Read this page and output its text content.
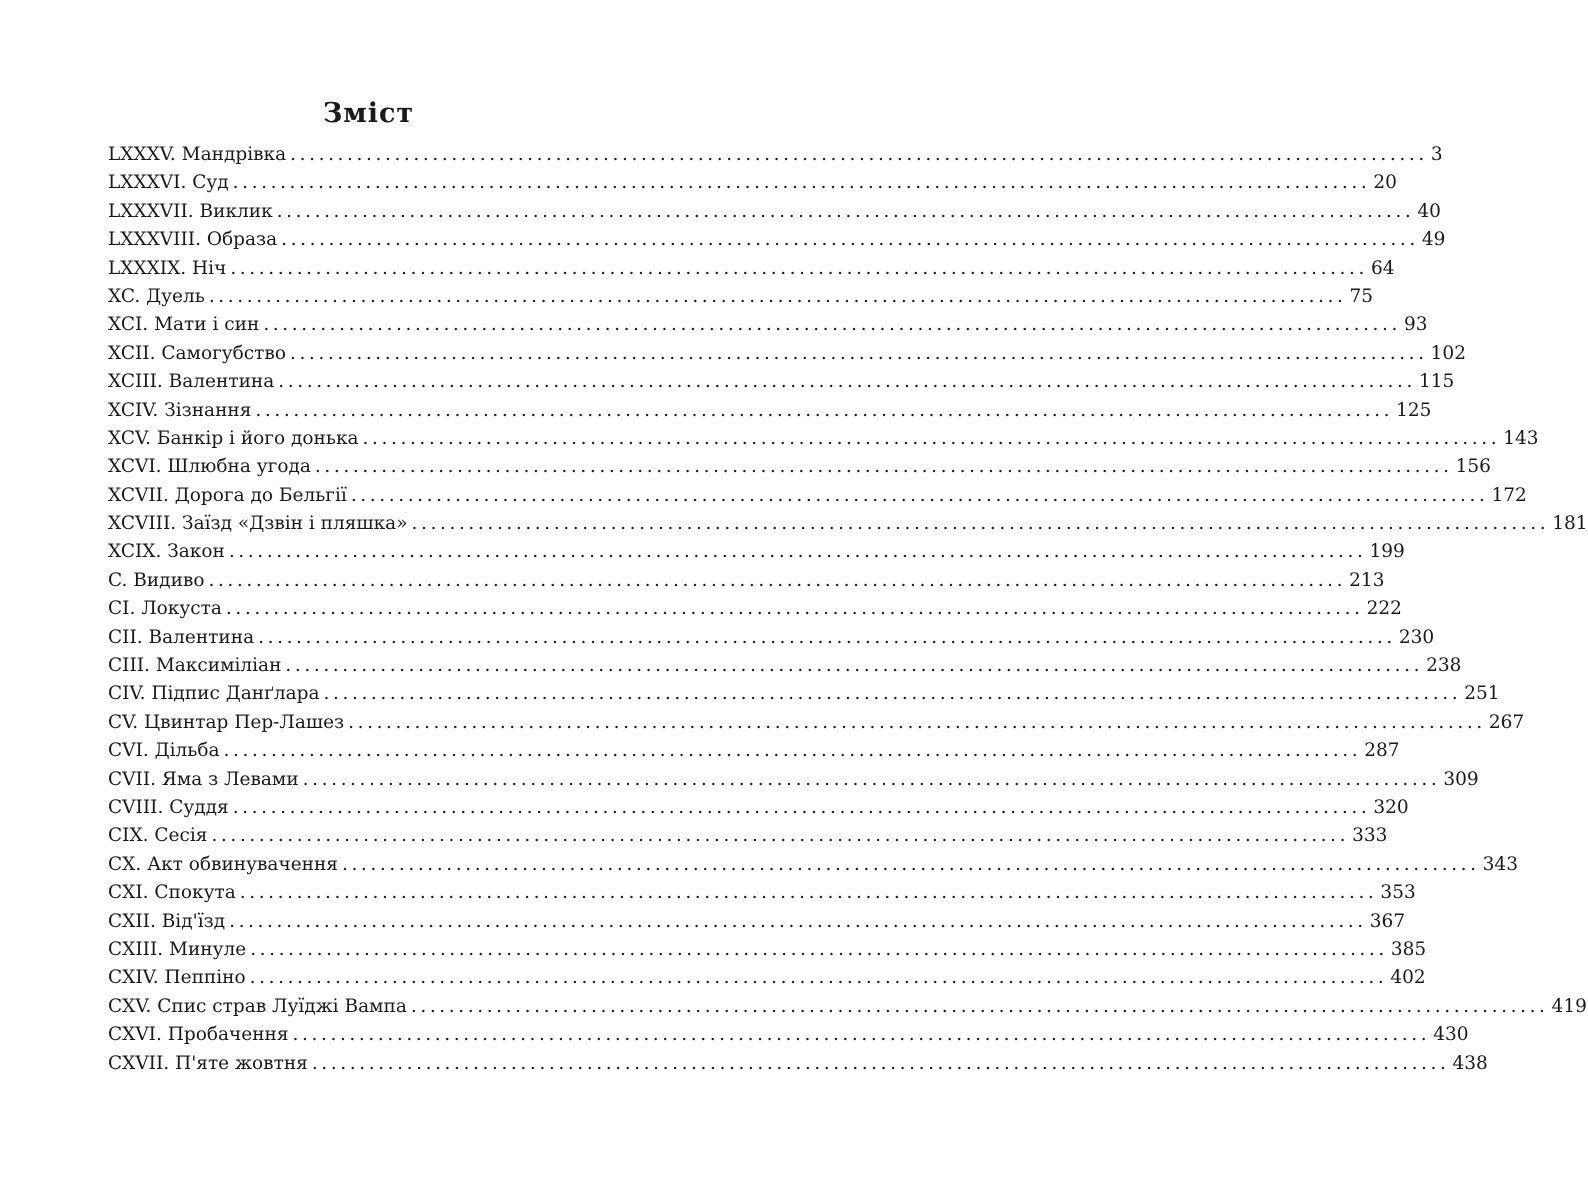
Зміст
LXXXV. Мандрівка ........................................................................................................................ 3
LXXXVI. Суд ........................................................................................................................ 20
LXXXVII. Виклик ........................................................................................................................ 40
LXXXVIII. Образа ........................................................................................................................ 49
LXXXIX. Ніч ........................................................................................................................ 64
XC. Дуель ........................................................................................................................ 75
XCI. Мати і син ........................................................................................................................ 93
XCII. Самогубство ........................................................................................................................ 102
XCIII. Валентина ........................................................................................................................ 115
XCIV. Зізнання ........................................................................................................................ 125
XCV. Банкір і його донька ........................................................................................................................ 143
XCVI. Шлюбна угода ........................................................................................................................ 156
XCVII. Дорога до Бельгії ........................................................................................................................ 172
XCVIII. Заїзд «Дзвін і пляшка» ........................................................................................................................ 181
XCIX. Закон ........................................................................................................................ 199
C. Видиво ........................................................................................................................ 213
CI. Локуста ........................................................................................................................ 222
CII. Валентина ........................................................................................................................ 230
CIII. Максиміліан ........................................................................................................................ 238
CIV. Підпис Данґлара ........................................................................................................................ 251
CV. Цвинтар Пер-Лашез ........................................................................................................................ 267
CVI. Дільба ........................................................................................................................ 287
CVII. Яма з Левами ........................................................................................................................ 309
CVIII. Суддя ........................................................................................................................ 320
CIX. Сесія ........................................................................................................................ 333
CX. Акт обвинувачення ........................................................................................................................ 343
CXI. Спокута ........................................................................................................................ 353
CXII. Від'їзд ........................................................................................................................ 367
CXIII. Минуле ........................................................................................................................ 385
CXIV. Пеппіно ........................................................................................................................ 402
CXV. Спис страв Луїджі Вампа ........................................................................................................................ 419
CXVI. Пробачення ........................................................................................................................ 430
CXVII. П'яте жовтня ........................................................................................................................ 438
